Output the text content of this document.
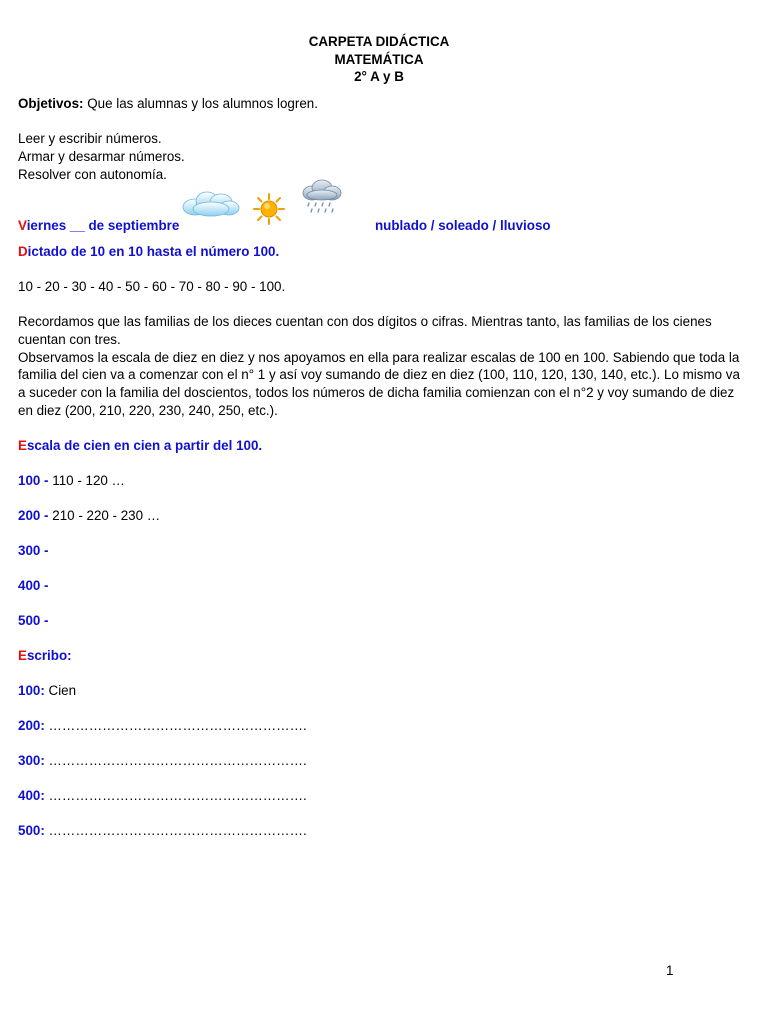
CARPETA DIDÁCTICA
MATEMÁTICA
2° A y B

Objetivos: Que las alumnas y los alumnos logren.

Leer y escribir números.

Armar y desarmar números.

Resolver con autonomía.

Viernes __ de septiembre	nublado / soleado / lluvioso

Dictado de 10 en 10 hasta el número 100.

10 - 20 - 30 - 40 - 50 - 60 - 70 - 80 - 90 - 100.

Recordamos que las familias de los dieces cuentan con dos dígitos o cifras. Mientras tanto, las familias de los cienes cuentan con tres.

Observamos la escala de diez en diez y nos apoyamos en ella para realizar escalas de 100 en 100. Sabiendo que toda la familia del cien va a comenzar con el n° 1 y así voy sumando de diez en diez (100, 110, 120, 130, 140, etc.). Lo mismo va a suceder con la familia del doscientos, todos los números de dicha familia comienzan con el n°2 y voy sumando de diez en diez (200, 210, 220, 230, 240, 250, etc.).

Escala de cien en cien a partir del 100.

100 - 110 - 120 …

200 - 210 - 220 - 230 …

300 -

400 -

500 -

Escribo:

100: Cien

200: ………………………………………………….

300: ………………………………………………….

400: ………………………………………………….

500: ………………………………………………….

1
